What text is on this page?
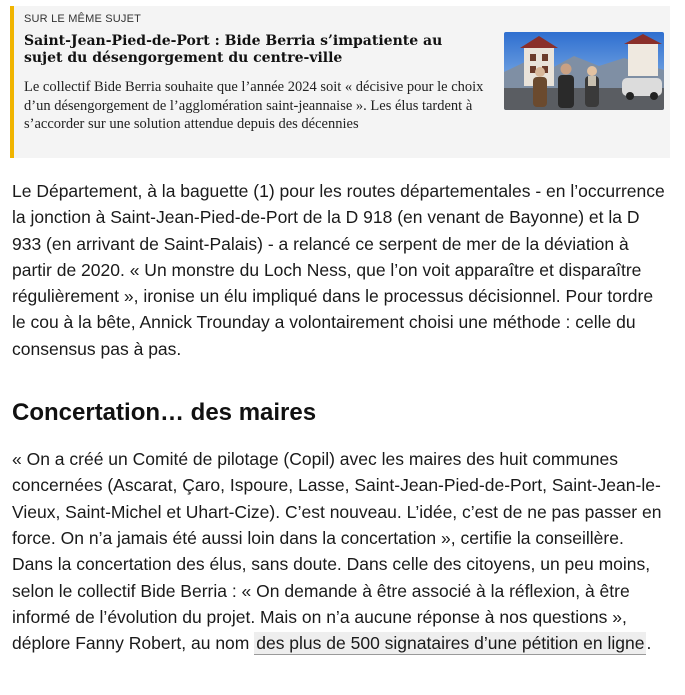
SUR LE MÊME SUJET
Saint-Jean-Pied-de-Port : Bide Berria s’impatiente au sujet du désengorgement du centre-ville

Le collectif Bide Berria souhaite que l’année 2024 soit « décisive pour le choix d’un désengorgement de l’agglomération saint-jeannaise ». Les élus tardent à s’accorder sur une solution attendue depuis des décennies

Le Département, à la baguette (1) pour les routes départementales - en l’occurrence la jonction à Saint-Jean-Pied-de-Port de la D 918 (en venant de Bayonne) et la D 933 (en arrivant de Saint-Palais) - a relancé ce serpent de mer de la déviation à partir de 2020. « Un monstre du Loch Ness, que l’on voit apparaître et disparaître régulièrement », ironise un élu impliqué dans le processus décisionnel. Pour tordre le cou à la bête, Annick Trounday a volontairement choisi une méthode : celle du consensus pas à pas.

Concertation… des maires

« On a créé un Comité de pilotage (Copil) avec les maires des huit communes concernées (Ascarat, Çaro, Ispoure, Lasse, Saint-Jean-Pied-de-Port, Saint-Jean-le-Vieux, Saint-Michel et Uhart-Cize). C’est nouveau. L’idée, c’est de ne pas passer en force. On n’a jamais été aussi loin dans la concertation », certifie la conseillère. Dans la concertation des élus, sans doute. Dans celle des citoyens, un peu moins, selon le collectif Bide Berria : « On demande à être associé à la réflexion, à être informé de l’évolution du projet. Mais on n’a aucune réponse à nos questions », déplore Fanny Robert, au nom des plus de 500 signataires d’une pétition en ligne .
